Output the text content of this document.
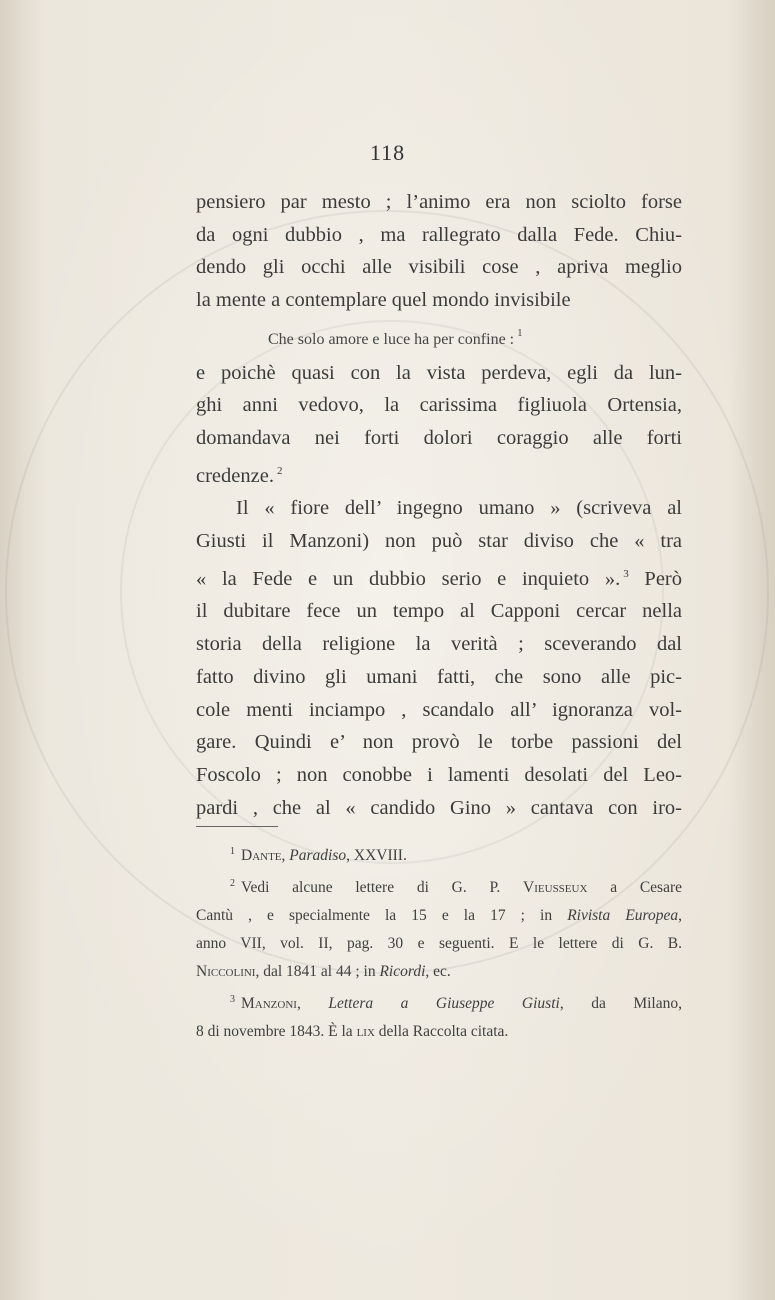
118
pensiero par mesto ; l’animo era non sciolto forse
da ogni dubbio , ma rallegrato dalla Fede. Chiu-
dendo gli occhi alle visibili cose , apriva meglio
la mente a contemplare quel mondo invisibile
Che solo amore e luce ha per confine : $^1$
e poichè quasi con la vista perdeva, egli da lun-
ghi anni vedovo, la carissima figliuola Ortensia,
domandava nei forti dolori coraggio alle forti
credenze. $^2$
Il « fiore dell’ ingegno umano » (scriveva al
Giusti il Manzoni) non può star diviso che « tra
« la Fede e un dubbio serio e inquieto ». $^3$ Però
il dubitare fece un tempo al Capponi cercar nella
storia della religione la verità ; sceverando dal
fatto divino gli umani fatti, che sono alle pic-
cole menti inciampo , scandalo all’ ignoranza vol-
gare. Quindi e’ non provò le torbe passioni del
Foscolo ; non conobbe i lamenti desolati del Leo-
pardi , che al « candido Gino » cantava con iro-
$^1$ Dante, Paradiso, XXVIII.
$^2$ Vedi alcune lettere di G. P. Vieusseux a Cesare
Cantù , e specialmente la 15 e la 17 ; in Rivista Europea,
anno VII, vol. II, pag. 30 e seguenti. E le lettere di G. B.
Niccolini, dal 1841 al 44 ; in Ricordi, ec.
$^3$ Manzoni, Lettera a Giuseppe Giusti, da Milano,
8 di novembre 1843. È la lix della Raccolta citata.
